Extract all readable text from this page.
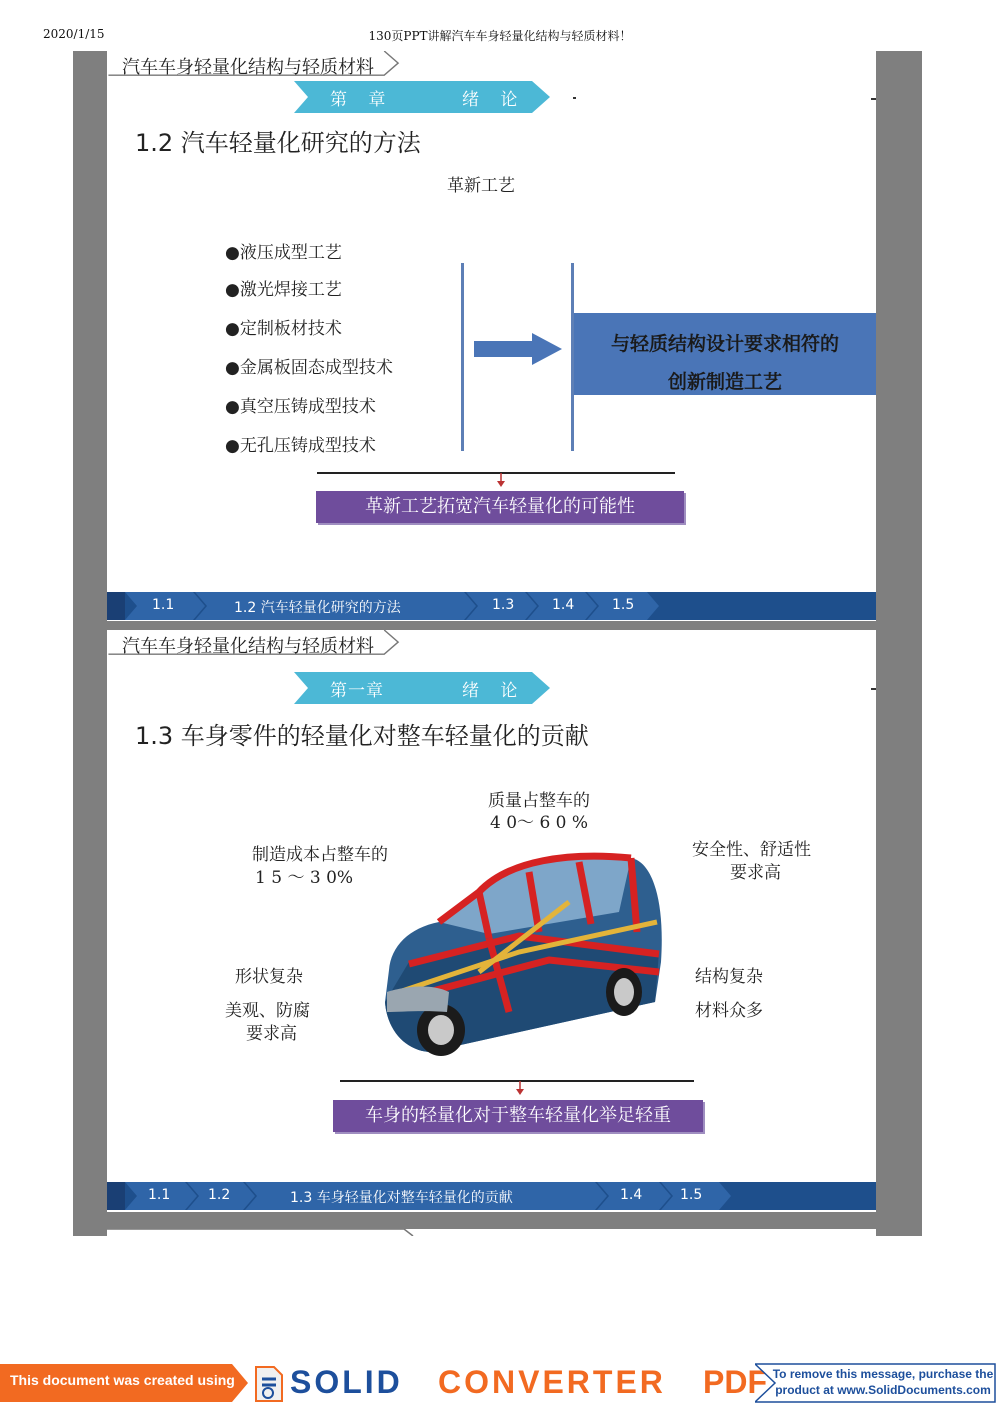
2020/1/15	130页PPT讲解汽车车身轻量化结构与轻质材料！
汽车车身轻量化结构与轻质材料
第 章	绪 论
1.2 汽车轻量化研究的方法
革新工艺
●液压成型工艺
●激光焊接工艺
●定制板材技术
●金属板固态成型技术
●真空压铸成型技术
●无孔压铸成型技术
与轻质结构设计要求相符的
创新制造工艺
革新工艺拓宽汽车轻量化的可能性
1.1	1.2 汽车轻量化研究的方法	1.3	1.4	1.5
汽车车身轻量化结构与轻质材料
第一章	绪 论
1.3 车身零件的轻量化对整车轻量化的贡献
质量占整车的
4 0～ 6 0 %
制造成本占整车的
1 5 ～ 3 0%
安全性、舒适性
要求高
形状复杂
美观、防腐
要求高
结构复杂
材料众多
车身的轻量化对于整车轻量化举足轻重
1.1	1.2	1.3 车身轻量化对整车轻量化的贡献	1.4	1.5
This document was created using SOLID CONVERTER PDF To remove this message, purchase the
product at www.SolidDocuments.com
